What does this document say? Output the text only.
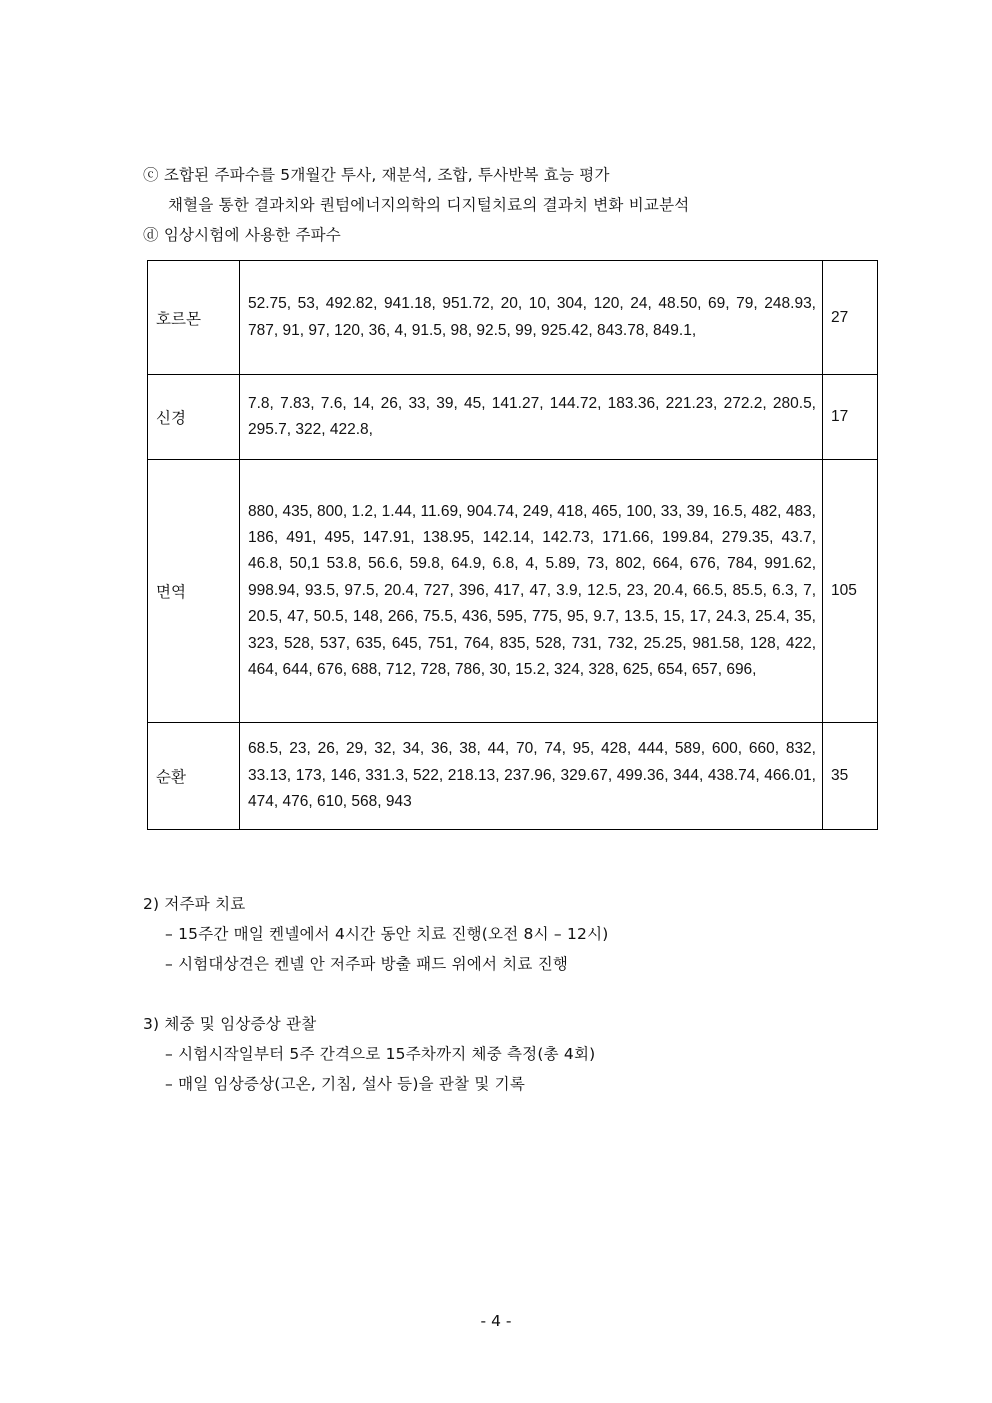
ⓒ 조합된 주파수를 5개월간 투사, 재분석, 조합, 투사반복 효능 평가
채혈을 통한 결과치와 퀀텀에너지의학의 디지털치료의 결과치 변화 비교분석
ⓓ 임상시험에 사용한 주파수
호르몬	52.75, 53, 492.82, 941.18, 951.72, 20, 10, 304, 120, 24, 48.50, 69, 79, 248.93, 787, 91, 97, 120, 36, 4, 91.5, 98, 92.5, 99, 925.42, 843.78, 849.1,	27
신경	7.8, 7.83, 7.6, 14, 26, 33, 39, 45, 141.27, 144.72, 183.36, 221.23, 272.2, 280.5, 295.7, 322, 422.8,	17
면역	880, 435, 800, 1.2, 1.44, 11.69, 904.74, 249, 418, 465, 100, 33, 39, 16.5, 482, 483, 186, 491, 495, 147.91, 138.95, 142.14, 142.73, 171.66, 199.84, 279.35, 43.7, 46.8, 50,1 53.8, 56.6, 59.8, 64.9, 6.8, 4, 5.89, 73, 802, 664, 676, 784, 991.62, 998.94, 93.5, 97.5, 20.4, 727, 396, 417, 47, 3.9, 12.5, 23, 20.4, 66.5, 85.5, 6.3, 7, 20.5, 47, 50.5, 148, 266, 75.5, 436, 595, 775, 95, 9.7, 13.5, 15, 17, 24.3, 25.4, 35, 323, 528, 537, 635, 645, 751, 764, 835, 528, 731, 732, 25.25, 981.58, 128, 422, 464, 644, 676, 688, 712, 728, 786, 30, 15.2, 324, 328, 625, 654, 657, 696,	105
순환	68.5, 23, 26, 29, 32, 34, 36, 38, 44, 70, 74, 95, 428, 444, 589, 600, 660, 832, 33.13, 173, 146, 331.3, 522, 218.13, 237.96, 329.67, 499.36, 344, 438.74, 466.01, 474, 476, 610, 568, 943	35
2) 저주파 치료
– 15주간 매일 켄넬에서 4시간 동안 치료 진행(오전 8시 – 12시)
– 시험대상견은 켄넬 안 저주파 방출 패드 위에서 치료 진행
3) 체중 및 임상증상 관찰
– 시험시작일부터 5주 간격으로 15주차까지 체중 측정(총 4회)
– 매일 임상증상(고온, 기침, 설사 등)을 관찰 및 기록
- 4 -
